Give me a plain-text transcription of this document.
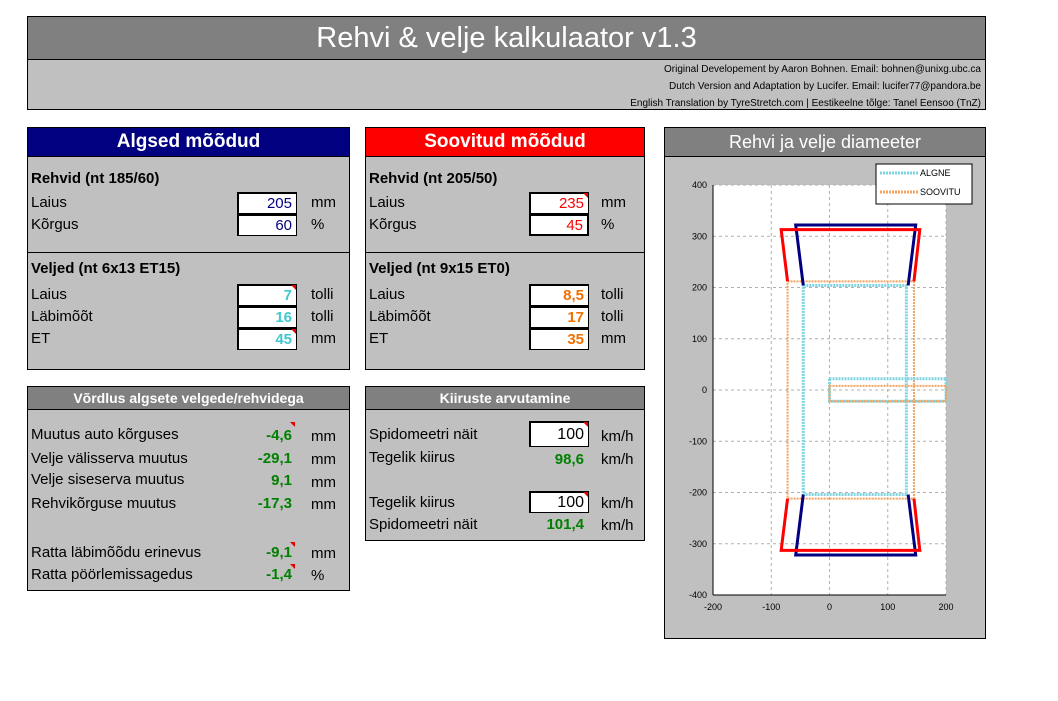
Rehvi & velje kalkulaator v1.3
Original Developement by Aaron Bohnen. Email: bohnen@unixg.ubc.ca
Dutch Version and Adaptation by Lucifer. Email: lucifer77@pandora.be
English Translation by TyreStretch.com | Eestikeelne tõlge: Tanel Eensoo (TnZ)
Algsed mõõdud
Rehvid (nt 185/60)
Laius	205	mm
Kõrgus	60	%
Veljed (nt 6x13 ET15)
Laius	7	tolli
Läbimõõt	16	tolli
ET	45	mm
Soovitud mõõdud
Rehvid (nt 205/50)
Laius	235	mm
Kõrgus	45	%
Veljed (nt 9x15 ET0)
Laius	8,5	tolli
Läbimõõt	17	tolli
ET	35	mm
Võrdlus algsete velgede/rehvidega
Muutus auto kõrguses	-4,6 mm
Velje välisserva muutus	-29,1 mm
Velje siseserva muutus	9,1 mm
Rehvikõrguse muutus	-17,3 mm
Ratta läbimõõdu erinevus	-9,1 mm
Ratta pöörlemissagedus	-1,4 %
Kiiruste arvutamine
Spidomeetri näit	100	km/h
Tegelik kiirus	98,6 km/h
Tegelik kiirus	100	km/h
Spidomeetri näit	101,4 km/h
Rehvi ja velje diameeter
-400
-300
-200
-100
0
100
200
300
400
-200	-100	0	100	200
ALGNE
SOOVITU
